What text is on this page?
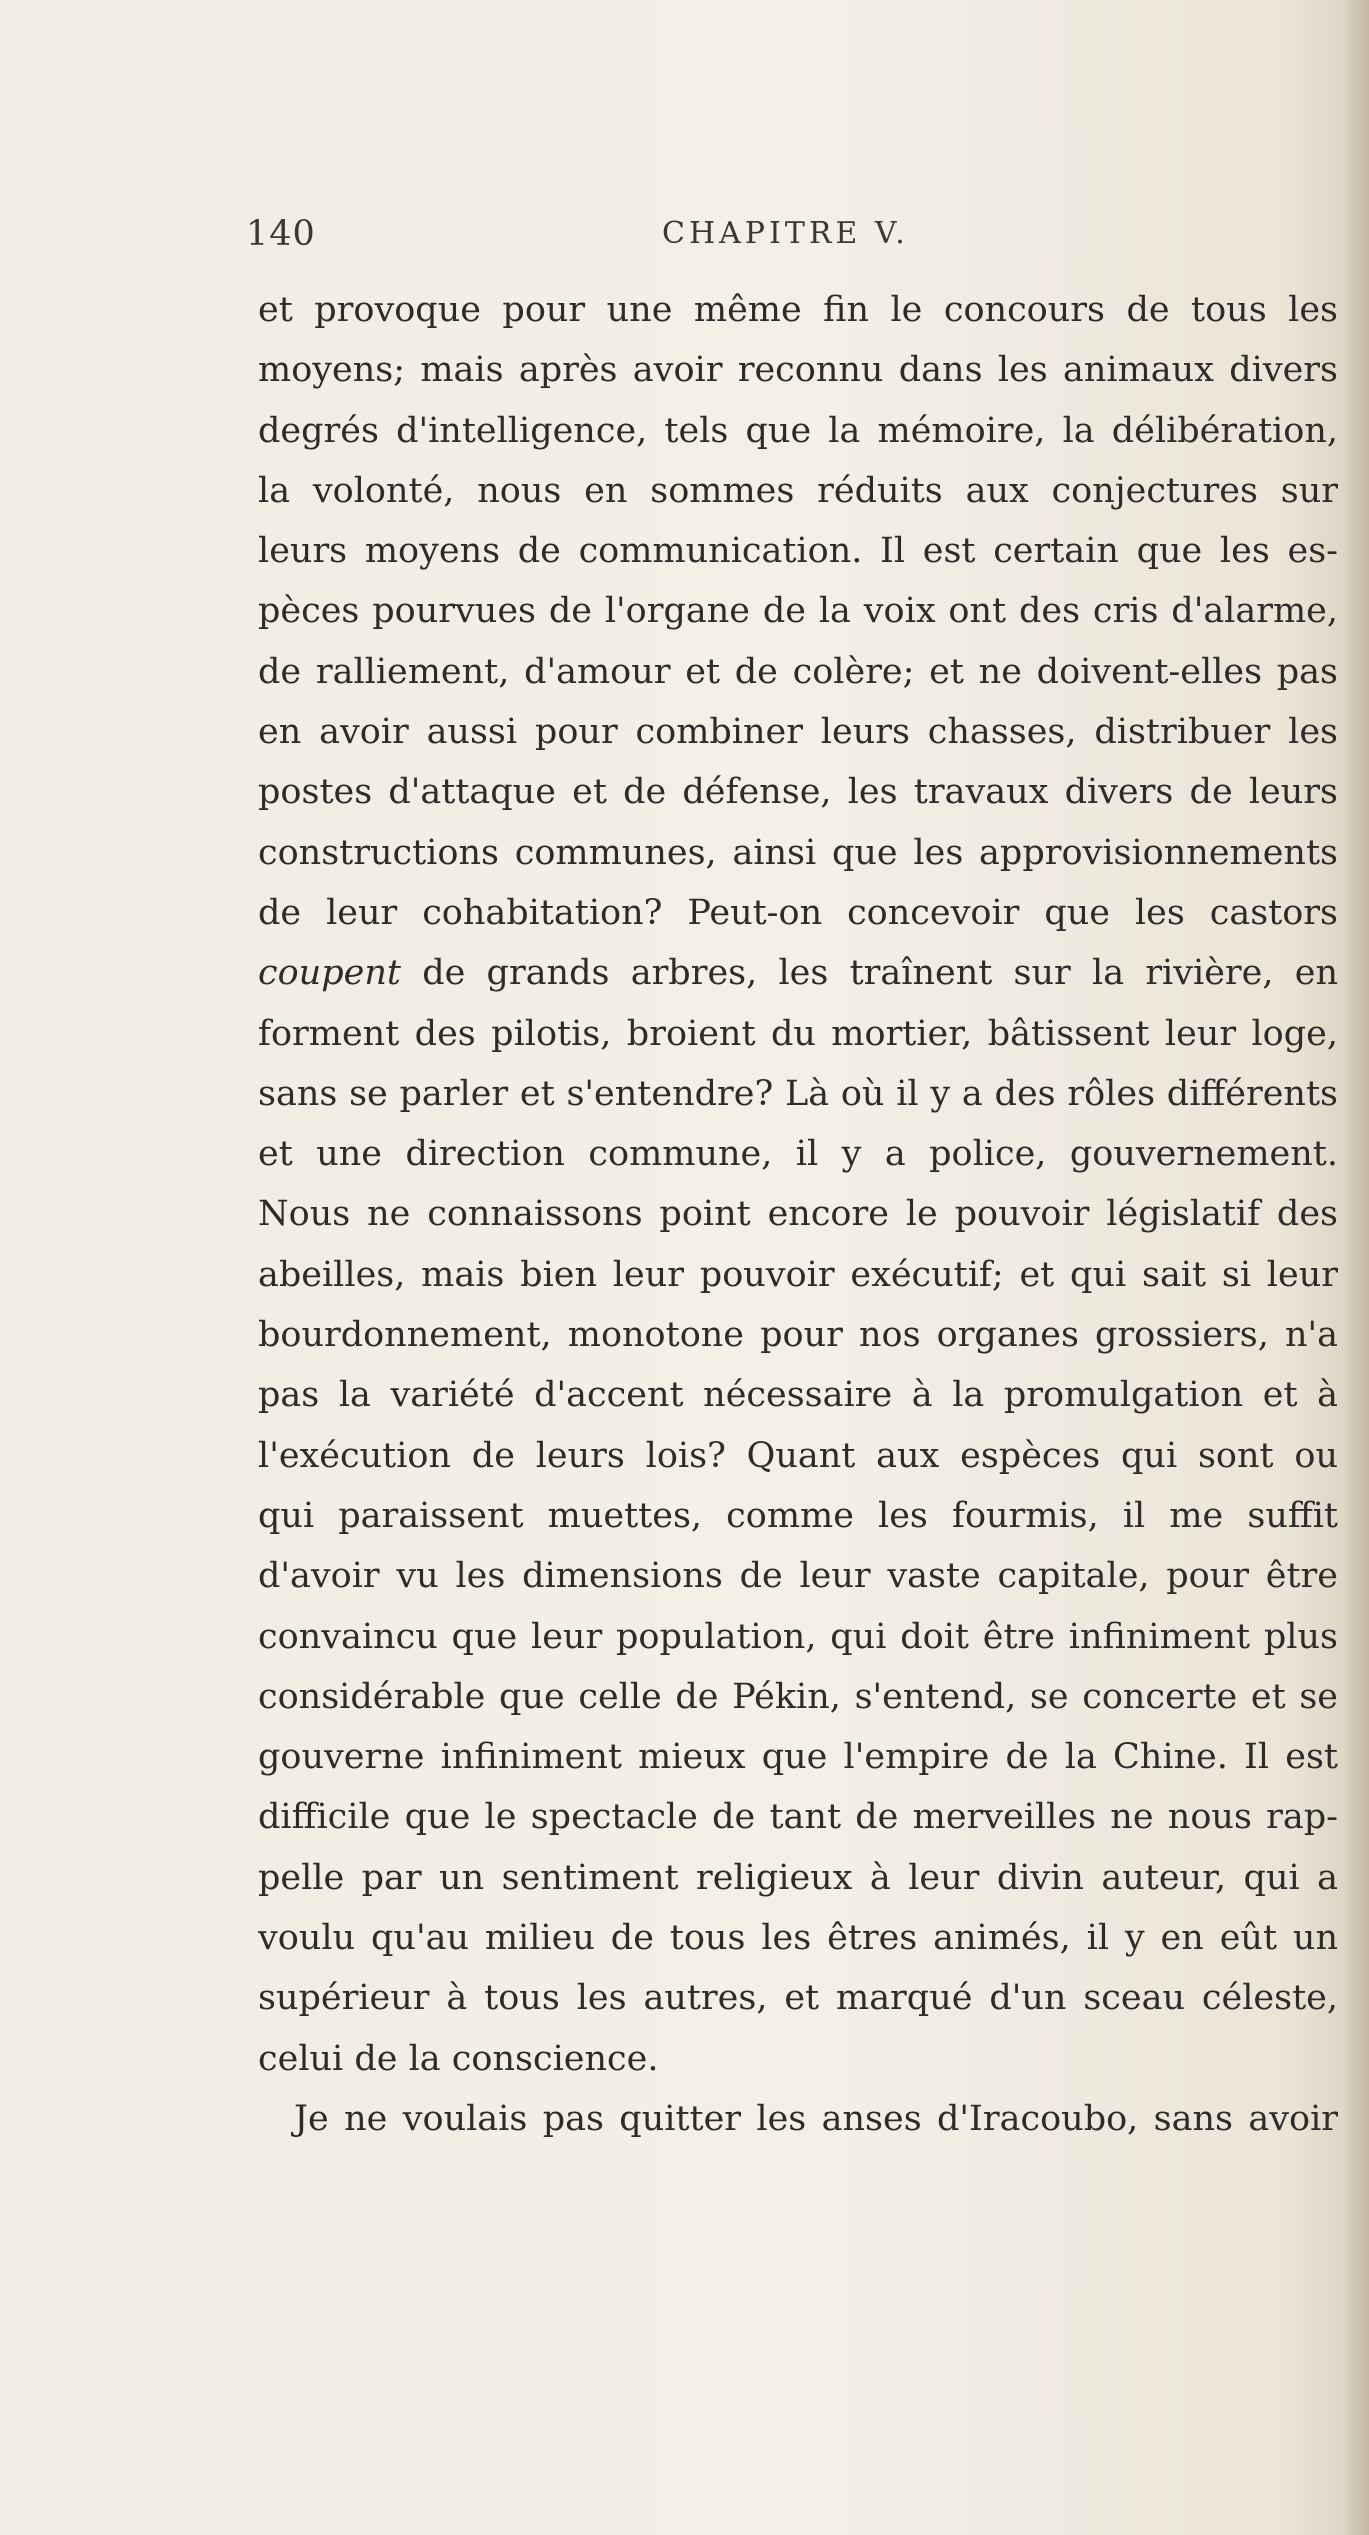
140	CHAPITRE V.
et provoque pour une même fin le concours de tous les
moyens; mais après avoir reconnu dans les animaux divers
degrés d'intelligence, tels que la mémoire, la délibération,
la volonté, nous en sommes réduits aux conjectures sur
leurs moyens de communication. Il est certain que les es-
pèces pourvues de l'organe de la voix ont des cris d'alarme,
de ralliement, d'amour et de colère; et ne doivent-elles pas
en avoir aussi pour combiner leurs chasses, distribuer les
postes d'attaque et de défense, les travaux divers de leurs
constructions communes, ainsi que les approvisionnements
de leur cohabitation? Peut-on concevoir que les castors
coupent de grands arbres, les traînent sur la rivière, en
forment des pilotis, broient du mortier, bâtissent leur loge,
sans se parler et s'entendre? Là où il y a des rôles différents
et une direction commune, il y a police, gouvernement.
Nous ne connaissons point encore le pouvoir législatif des
abeilles, mais bien leur pouvoir exécutif; et qui sait si leur
bourdonnement, monotone pour nos organes grossiers, n'a
pas la variété d'accent nécessaire à la promulgation et à
l'exécution de leurs lois? Quant aux espèces qui sont ou
qui paraissent muettes, comme les fourmis, il me suffit
d'avoir vu les dimensions de leur vaste capitale, pour être
convaincu que leur population, qui doit être infiniment plus
considérable que celle de Pékin, s'entend, se concerte et se
gouverne infiniment mieux que l'empire de la Chine. Il est
difficile que le spectacle de tant de merveilles ne nous rap-
pelle par un sentiment religieux à leur divin auteur, qui a
voulu qu'au milieu de tous les êtres animés, il y en eût un
supérieur à tous les autres, et marqué d'un sceau céleste,
celui de la conscience.
Je ne voulais pas quitter les anses d'Iracoubo, sans avoir
